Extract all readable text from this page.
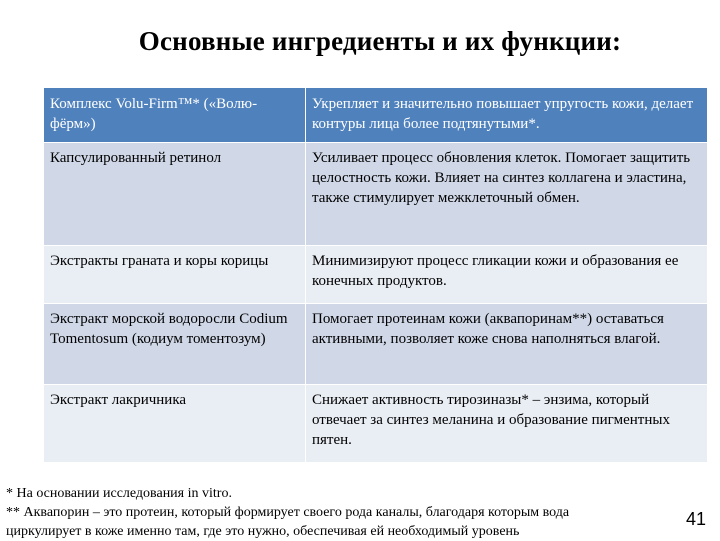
Основные ингредиенты и их функции:
Комплекс Volu-Firm™* («Волю-фёрм»)	Укрепляет и значительно повышает упругость кожи, делает контуры лица более подтянутыми*.
Капсулированный ретинол	Усиливает процесс обновления клеток. Помогает защитить целостность кожи. Влияет на синтез коллагена и эластина, также стимулирует межклеточный обмен.
Экстракты граната и коры корицы	Минимизируют процесс гликации кожи и образования ее конечных продуктов.
Экстракт морской водоросли Codium Tomentosum (кодиум томентозум)	Помогает протеинам кожи (аквапоринам**) оставаться активными, позволяет коже снова наполняться влагой.
Экстракт лакричника	Снижает активность тирозиназы* – энзима, который отвечает за синтез меланина и образование пигментных пятен.
* На основании исследования in vitro.
** Аквапорин – это протеин, который формирует своего рода каналы, благодаря которым вода
циркулирует в коже именно там, где это нужно, обеспечивая ей необходимый уровень
41
